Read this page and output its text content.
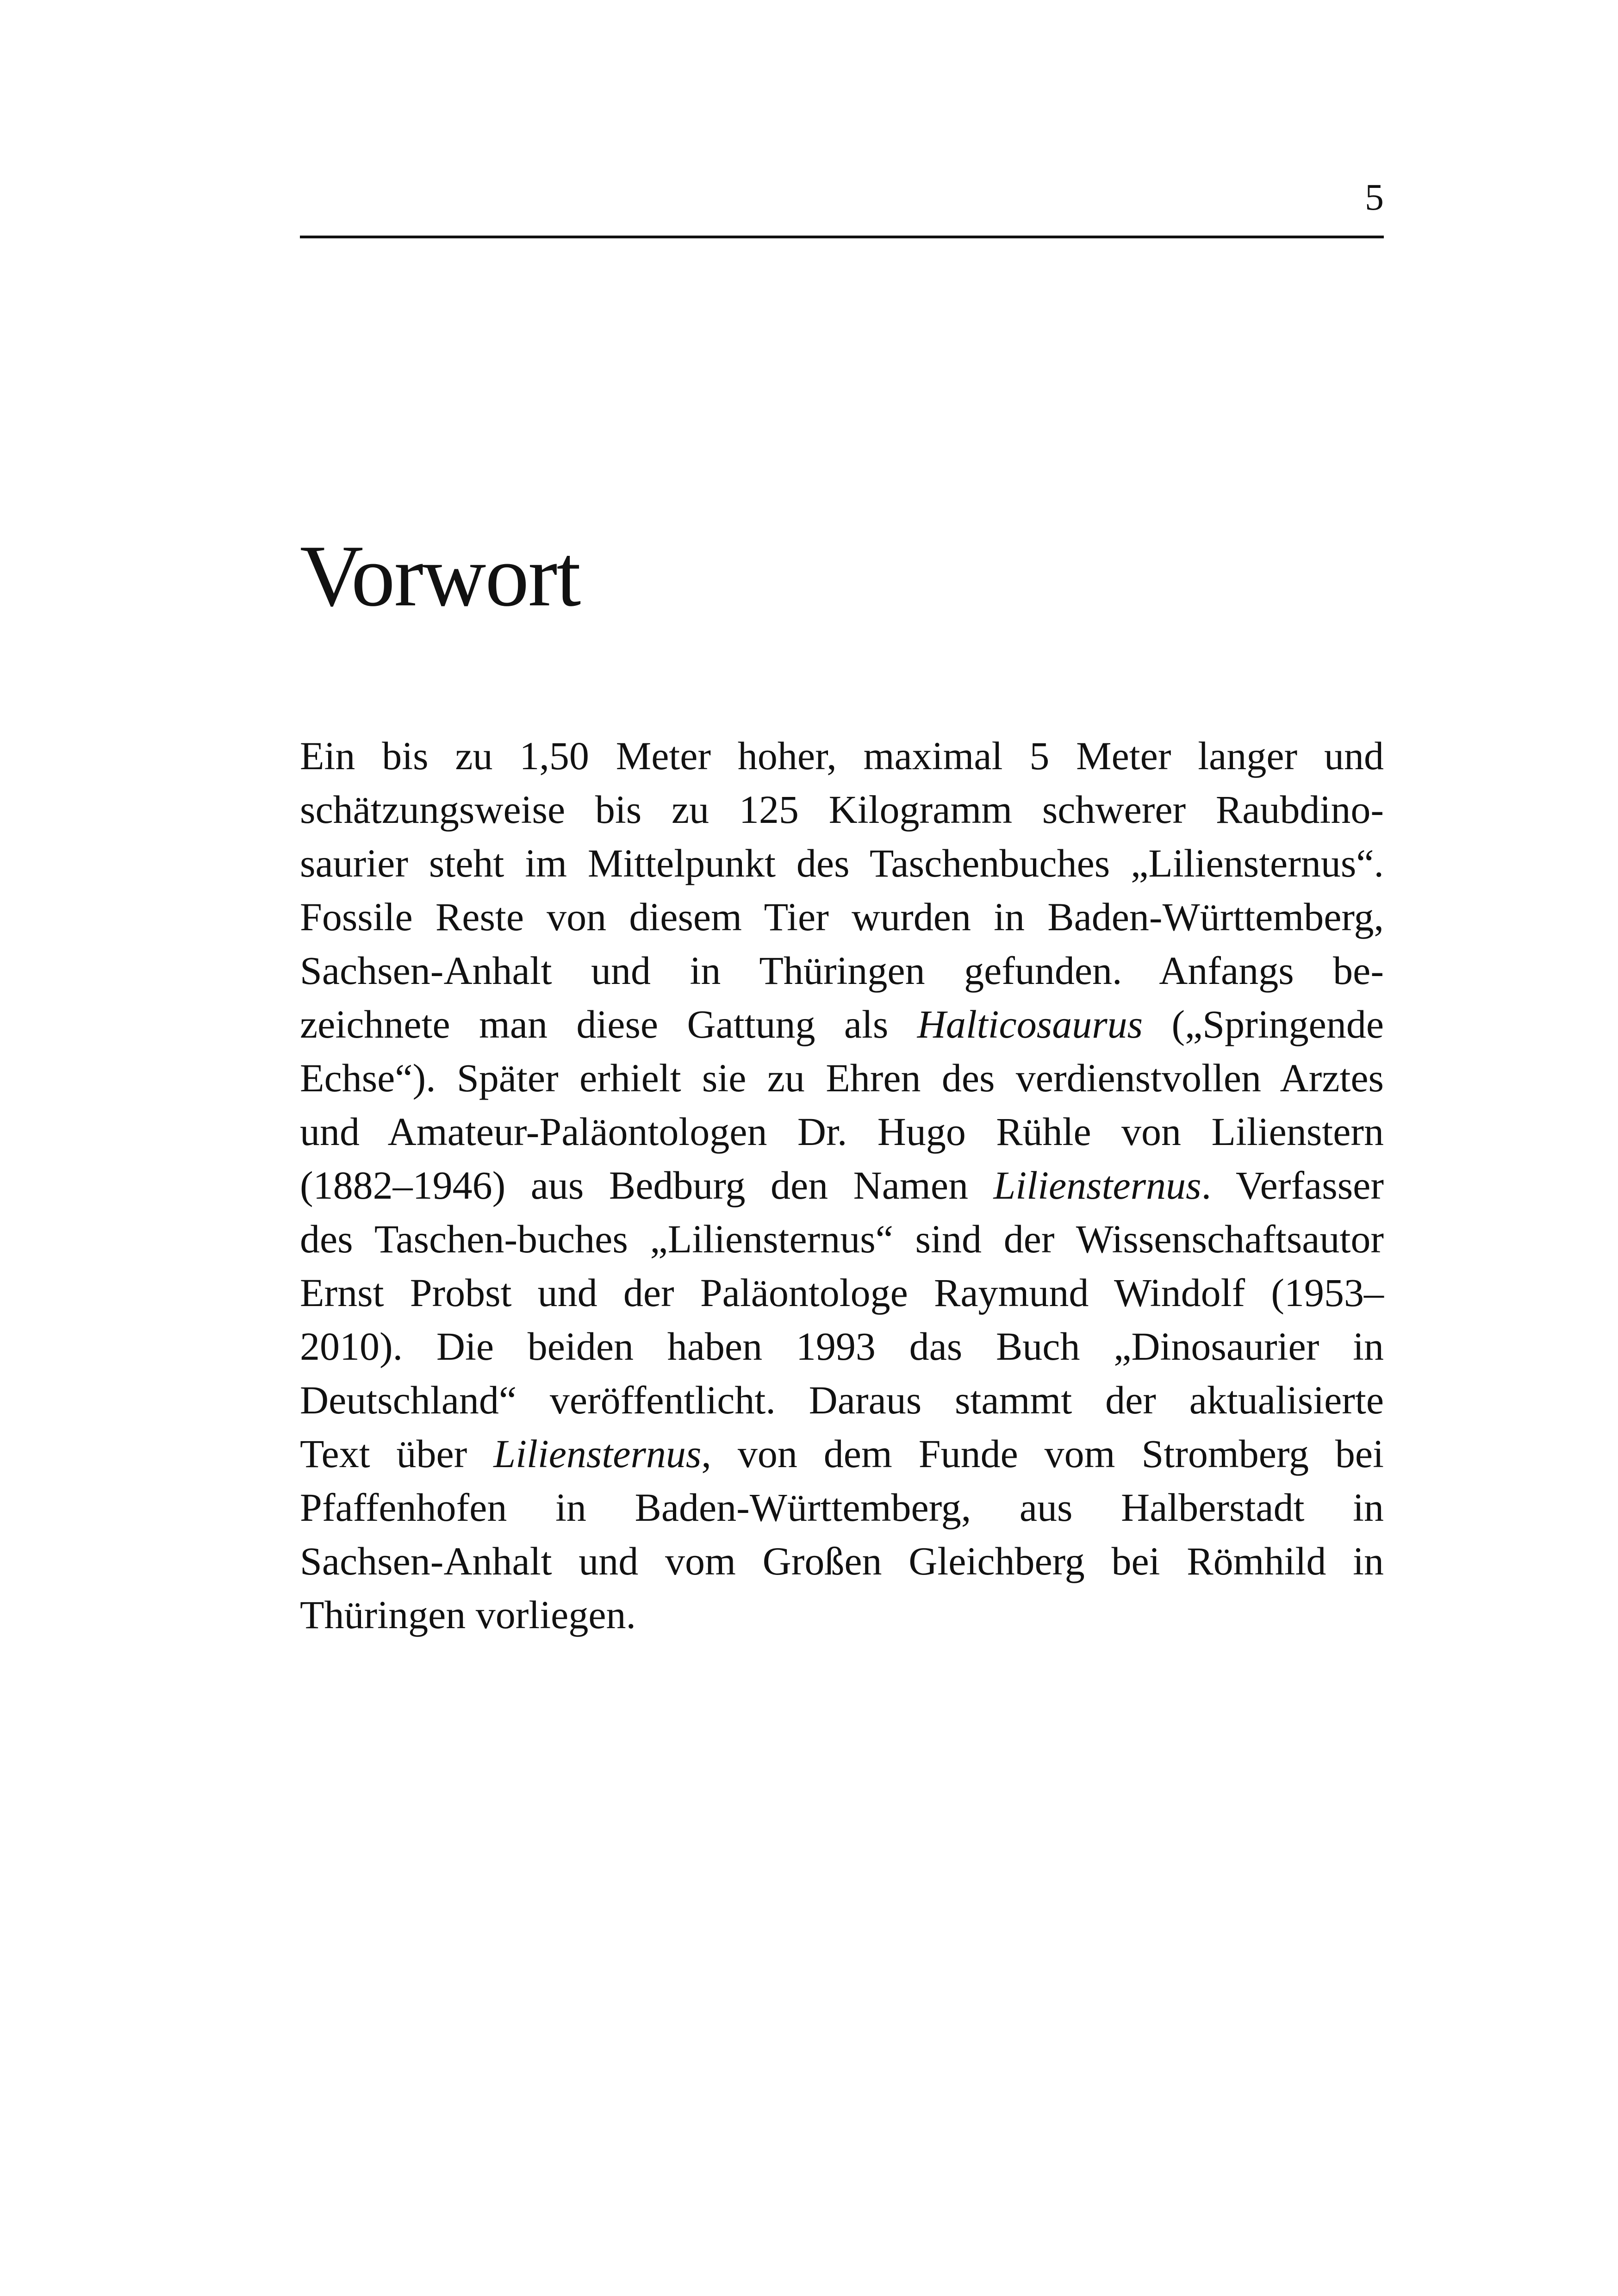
5
Vorwort

Ein bis zu 1,50 Meter hoher, maximal 5 Meter langer und
schätzungsweise bis zu 125 Kilogramm schwerer Raubdino-
saurier steht im Mittelpunkt des Taschenbuches „Liliensternus“.
Fossile Reste von diesem Tier wurden in Baden-Württemberg,
Sachsen-Anhalt und in Thüringen gefunden. Anfangs be-
zeichnete man diese Gattung als Halticosaurus („Springende
Echse“). Später erhielt sie zu Ehren des verdienstvollen Arztes
und Amateur-Paläontologen Dr. Hugo Rühle von Lilienstern
(1882–1946) aus Bedburg den Namen Liliensternus. Verfasser
des Taschen-buches „Liliensternus“ sind der Wissenschaftsautor
Ernst Probst und der Paläontologe Raymund Windolf (1953–
2010). Die beiden haben 1993 das Buch „Dinosaurier in
Deutschland“ veröffentlicht. Daraus stammt der aktualisierte
Text über Liliensternus, von dem Funde vom Stromberg bei
Pfaffenhofen in Baden-Württemberg, aus Halberstadt in
Sachsen-Anhalt und vom Großen Gleichberg bei Römhild in
Thüringen vorliegen.
